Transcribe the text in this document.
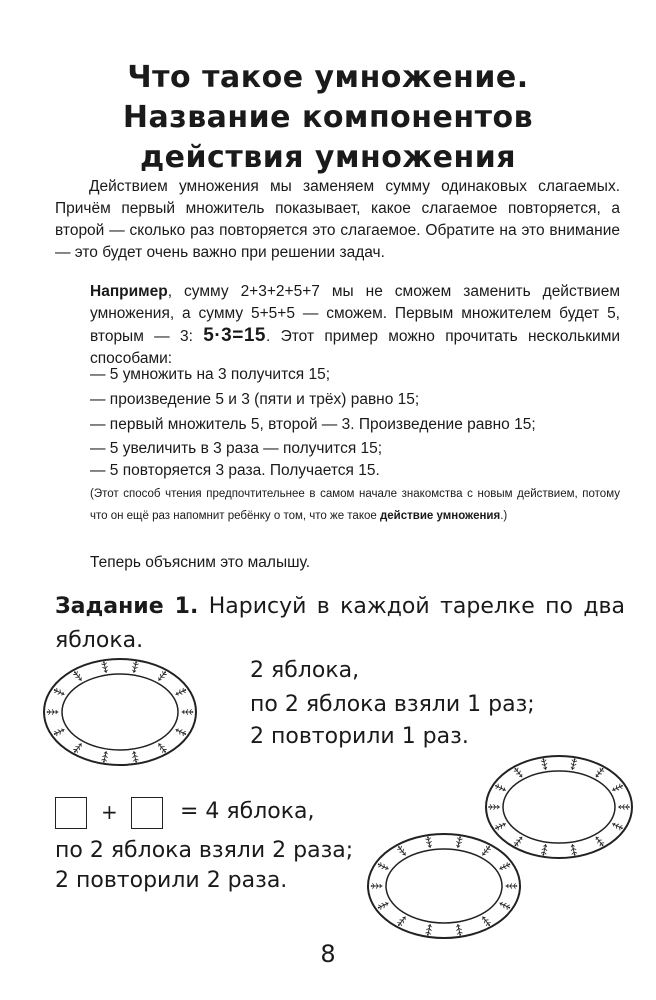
Что такое умножение.
Название компонентов
действия умножения
Действием умножения мы заменяем сумму одинаковых слагаемых. Причём первый множитель показывает, какое слагаемое повторяется, а второй — сколько раз повторяется это слагаемое. Обратите на это внимание — это будет очень важно при решении задач.
Например, сумму 2+3+2+5+7 мы не сможем заменить действием умножения, а сумму 5+5+5 — сможем. Первым множителем будет 5, вторым — 3: 5·3=15. Этот пример можно прочитать несколькими способами:
— 5 умножить на 3 получится 15;
— произведение 5 и 3 (пяти и трёх) равно 15;
— первый множитель 5, второй — 3. Произведение равно 15;
— 5 увеличить в 3 раза — получится 15;
— 5 повторяется 3 раза. Получается 15.
(Этот способ чтения предпочтительнее в самом начале знакомства с новым действием, потому что он ещё раз напомнит ребёнку о том, что же такое действие умножения.)
Теперь объясним это малышу.
Задание 1. Нарисуй в каждой тарелке по два яблока.
2 яблока,
по 2 яблока взяли 1 раз;
2 повторили 1 раз.
+	= 4 яблока,
по 2 яблока взяли 2 раза;
2 повторили 2 раза.
8
